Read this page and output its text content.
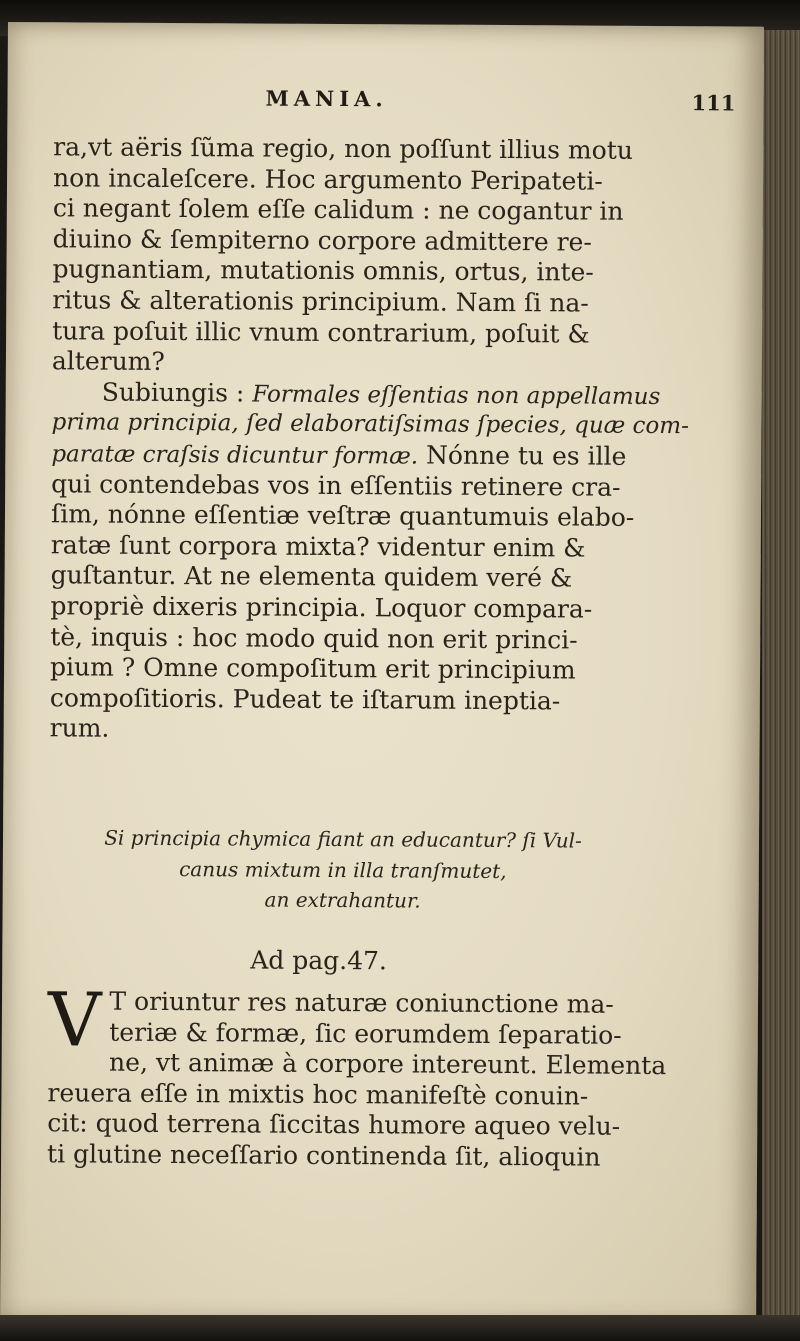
MANIA.	111
ra,vt aëris ſũma regio, non poſſunt illius motu
non incaleſcere. Hoc argumento Peripateti-
ci negant ſolem eſſe calidum : ne cogantur in
diuino & ſempiterno corpore admittere re-
pugnantiam, mutationis omnis, ortus, inte-
ritus & alterationis principium. Nam ſi na-
tura poſuit illic vnum contrarium, poſuit &
alterum?
Subiungis : Formales eſſentias non appellamus
prima principia, ſed elaboratiſsimas ſpecies, quæ com-
paratæ craſsis dicuntur formæ. Nónne tu es ille
qui contendebas vos in eſſentiis retinere cra-
ſim, nónne eſſentiæ veſtræ quantumuis elabo-
ratæ ſunt corpora mixta? videntur enim &
guſtantur. At ne elementa quidem veré &
propriè dixeris principia. Loquor compara-
tè, inquis : hoc modo quid non erit princi-
pium ? Omne compoſitum erit principium
compoſitioris. Pudeat te iſtarum ineptia-
rum.
Si principia chymica fiant an educantur? ſi Vul-
canus mixtum in illa tranſmutet,
an extrahantur.
Ad pag.47.
V T oriuntur res naturæ coniunctione ma-
teriæ & formæ, ſic eorumdem ſeparatio-
ne, vt animæ à corpore intereunt. Elementa
reuera eſſe in mixtis hoc manifeſtè conuin-
cit: quod terrena ſiccitas humore aqueo velu-
ti glutine neceſſario continenda ſit, alioquin
